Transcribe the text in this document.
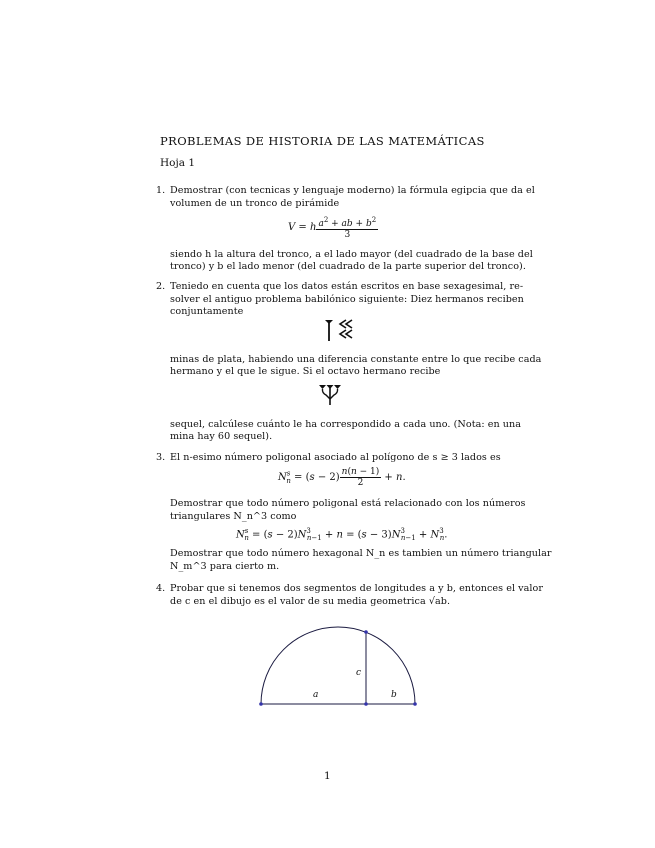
PROBLEMAS DE HISTORIA DE LAS MATEMÁTICAS
Hoja 1
1. Demostrar (con tecnicas y lenguaje moderno) la fórmula egipcia que da el
volumen de un tronco de pirámide
V = h $\frac{a^2 + ab + b^2}{3}$
siendo h la altura del tronco, a el lado mayor (del cuadrado de la base del
tronco) y b el lado menor (del cuadrado de la parte superior del tronco).
2. Teniedo en cuenta que los datos están escritos en base sexagesimal, re-
solver el antiguo problema babilónico siguiente: Diez hermanos reciben
conjuntamente
minas de plata, habiendo una diferencia constante entre lo que recibe cada
hermano y el que le sigue. Si el octavo hermano recibe
sequel, calcúlese cuánto le ha correspondido a cada uno. (Nota: en una
mina hay 60 sequel).
3. El n-esimo número poligonal asociado al polígono de s ≥ 3 lados es
$N^s_n = (s - 2) \frac{n(n - 1)}{2} + n$.
Demostrar que todo número poligonal está relacionado con los números
triangulares N_n^3 como
$N^s_n = (s - 2)N^3_{n-1} + n = (s - 3)N^3_{n-1} + N^3_n$.
Demostrar que todo número hexagonal N_n es tambien un número triangular
N_m^3 para cierto m.
4. Probar que si tenemos dos segmentos de longitudes a y b, entonces el valor
de c en el dibujo es el valor de su media geometrica √ab.
a	b
c
1
